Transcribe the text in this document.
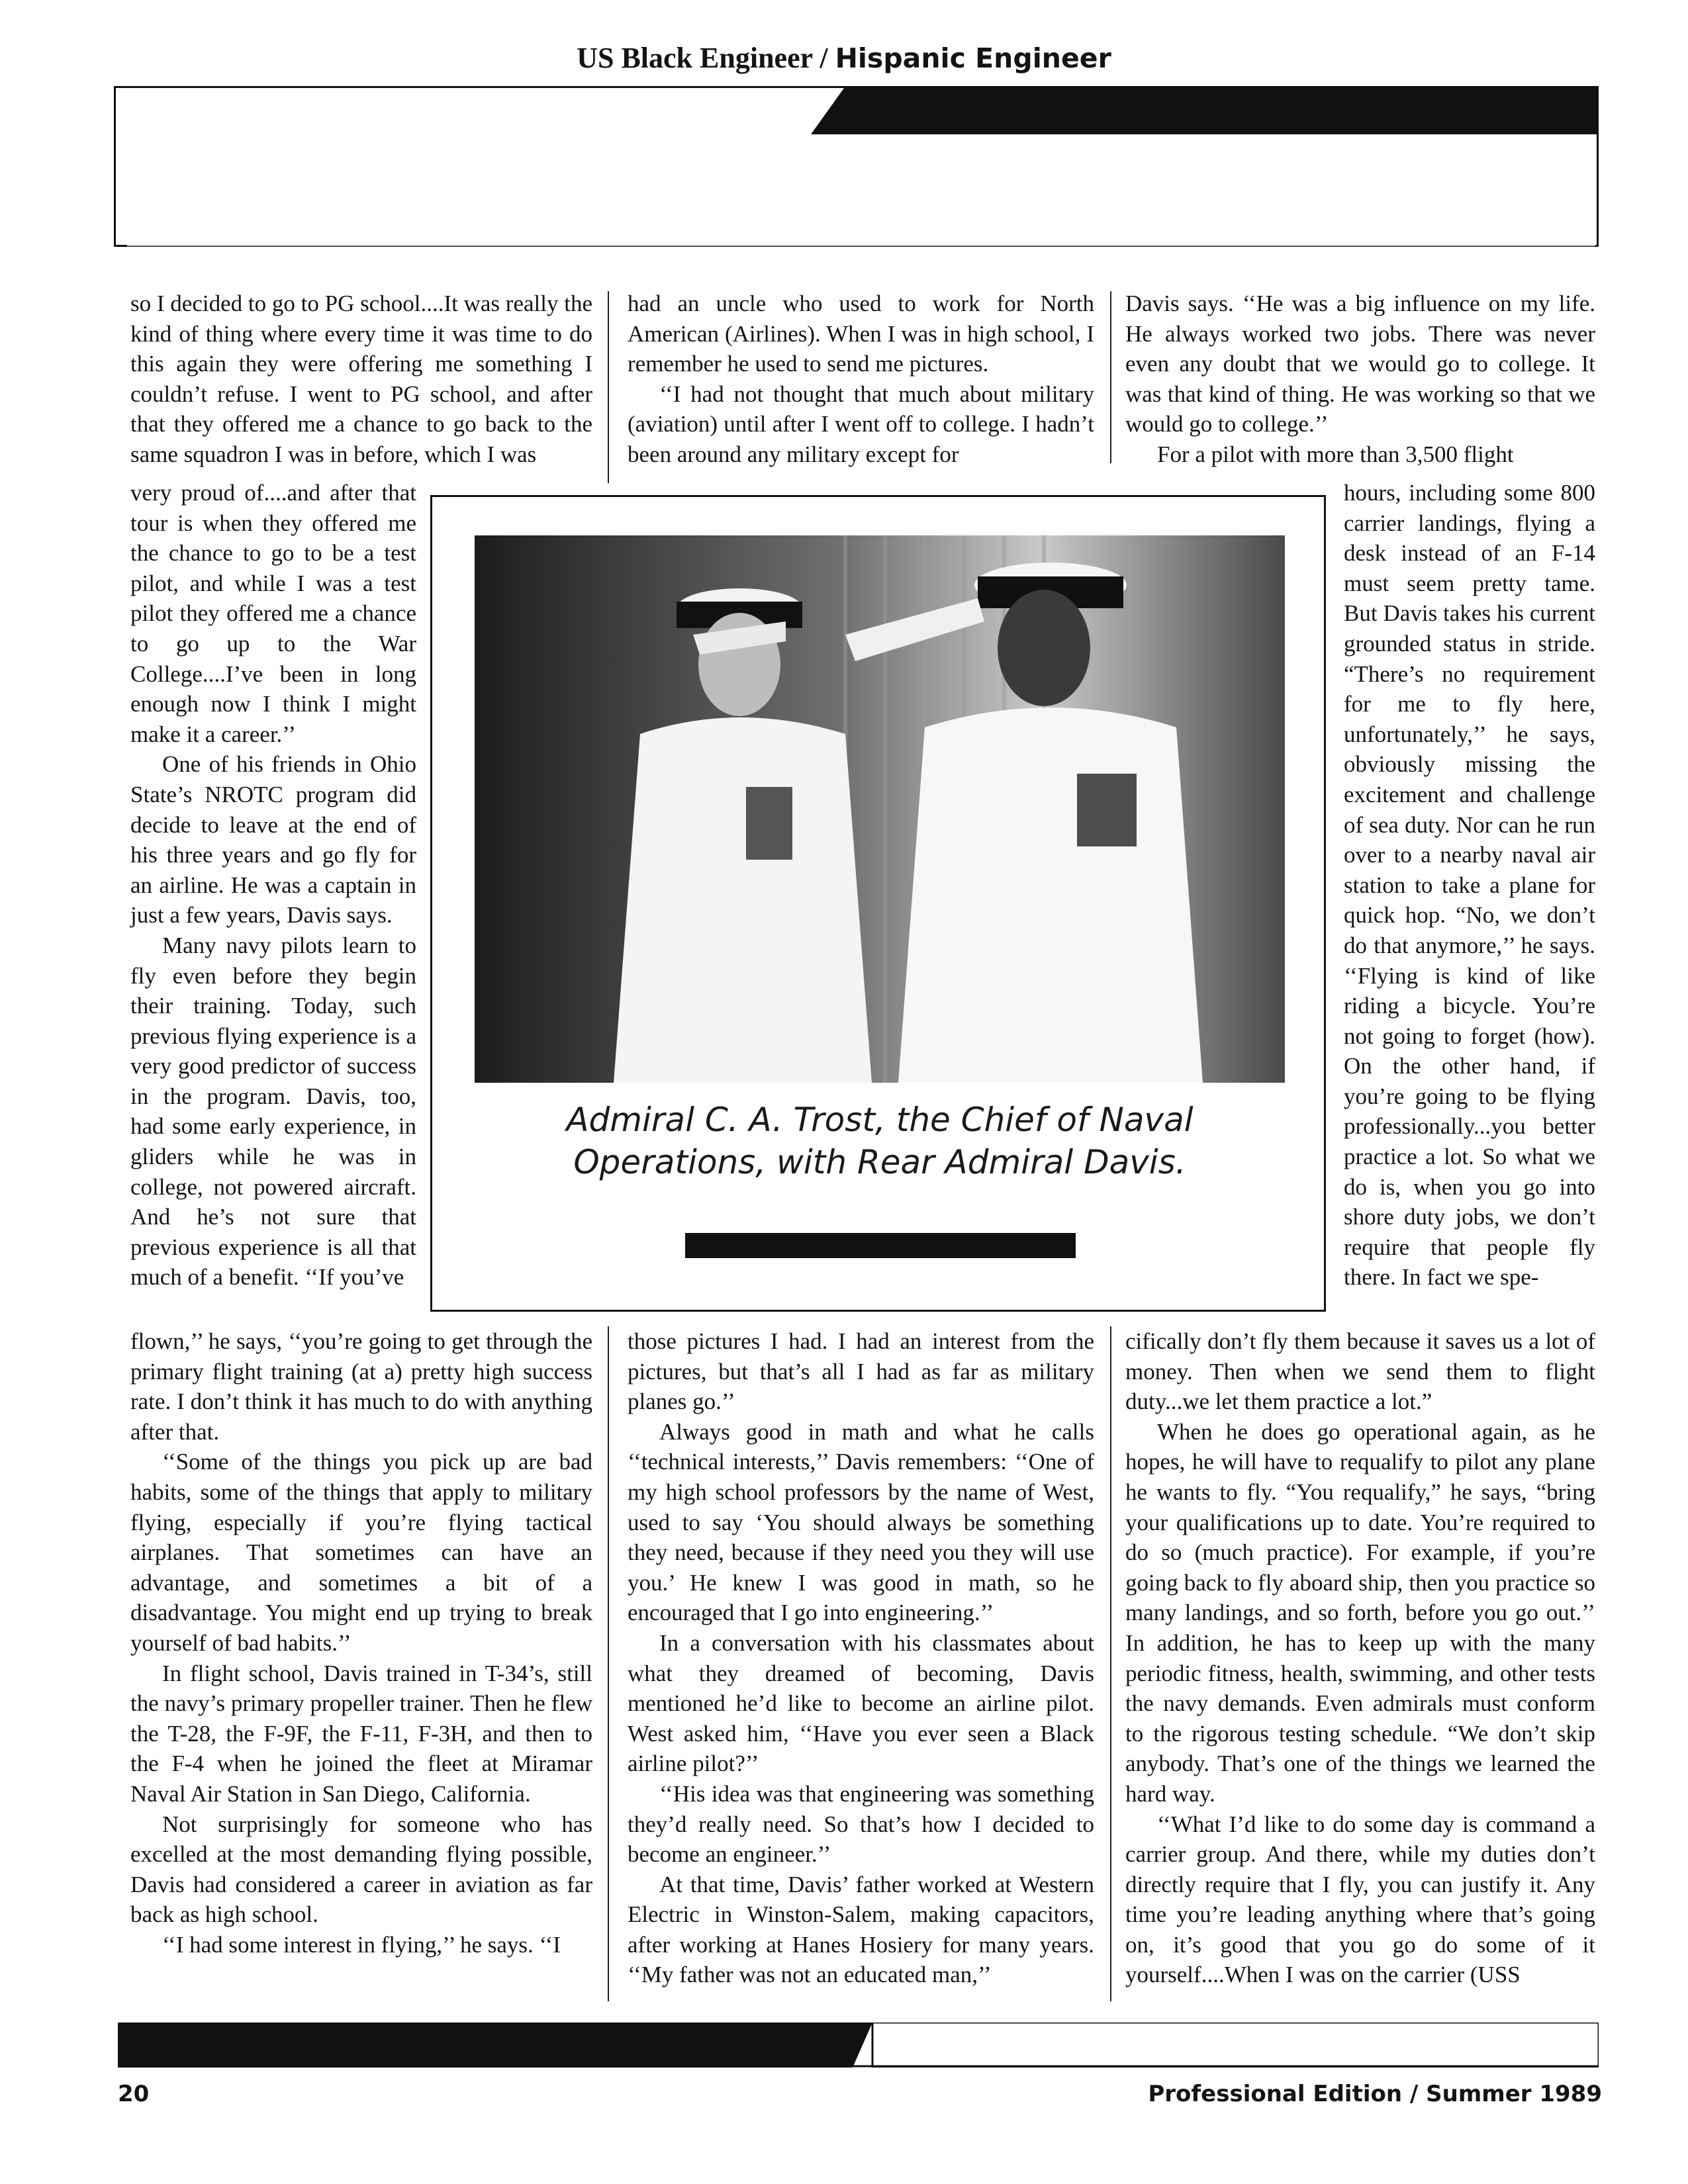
US Black Engineer / Hispanic Engineer

so I decided to go to PG school....It was really the kind of thing where every time it was time to do this again they were offering me something I couldn’t refuse. I went to PG school, and after that they offered me a chance to go back to the same squadron I was in before, which I was

very proud of....and after that tour is when they offered me the chance to go to be a test pilot, and while I was a test pilot they offered me a chance to go up to the War College....I’ve been in long enough now I think I might make it a career.’’

One of his friends in Ohio State’s NROTC program did decide to leave at the end of his three years and go fly for an airline. He was a captain in just a few years, Davis says.

Many navy pilots learn to fly even before they begin their training. Today, such previous flying experience is a very good predictor of success in the program. Davis, too, had some early experience, in gliders while he was in college, not powered aircraft. And he’s not sure that previous experience is all that much of a benefit. ‘‘If you’ve

flown,’’ he says, ‘‘you’re going to get through the primary flight training (at a) pretty high success rate. I don’t think it has much to do with anything after that.

‘‘Some of the things you pick up are bad habits, some of the things that apply to military flying, especially if you’re flying tactical airplanes. That sometimes can have an advantage, and sometimes a bit of a disadvantage. You might end up trying to break yourself of bad habits.’’

In flight school, Davis trained in T-34’s, still the navy’s primary propeller trainer. Then he flew the T-28, the F-9F, the F-11, F-3H, and then to the F-4 when he joined the fleet at Miramar Naval Air Station in San Diego, California.

Not surprisingly for someone who has excelled at the most demanding flying possible, Davis had considered a career in aviation as far back as high school.

‘‘I had some interest in flying,’’ he says. ‘‘I

had an uncle who used to work for North American (Airlines). When I was in high school, I remember he used to send me pictures.

‘‘I had not thought that much about military (aviation) until after I went off to college. I hadn’t been around any military except for

those pictures I had. I had an interest from the pictures, but that’s all I had as far as military planes go.’’

Always good in math and what he calls ‘‘technical interests,’’ Davis remembers: ‘‘One of my high school professors by the name of West, used to say ‘You should always be something they need, because if they need you they will use you.’ He knew I was good in math, so he encouraged that I go into engineering.’’

In a conversation with his classmates about what they dreamed of becoming, Davis mentioned he’d like to become an airline pilot. West asked him, ‘‘Have you ever seen a Black airline pilot?’’

‘‘His idea was that engineering was something they’d really need. So that’s how I decided to become an engineer.’’

At that time, Davis’ father worked at Western Electric in Winston-Salem, making capacitors, after working at Hanes Hosiery for many years. ‘‘My father was not an educated man,’’

Davis says. ‘‘He was a big influence on my life. He always worked two jobs. There was never even any doubt that we would go to college. It was that kind of thing. He was working so that we would go to college.’’

For a pilot with more than 3,500 flight

hours, including some 800 carrier landings, flying a desk instead of an F-14 must seem pretty tame. But Davis takes his current grounded status in stride. “There’s no requirement for me to fly here, unfortunately,’’ he says, obviously missing the excitement and challenge of sea duty. Nor can he run over to a nearby naval air station to take a plane for quick hop. “No, we don’t do that anymore,’’ he says. ‘‘Flying is kind of like riding a bicycle. You’re not going to forget (how). On the other hand, if you’re going to be flying professionally...you better practice a lot. So what we do is, when you go into shore duty jobs, we don’t require that people fly there. In fact we spe-

cifically don’t fly them because it saves us a lot of money. Then when we send them to flight duty...we let them practice a lot.”

When he does go operational again, as he hopes, he will have to requalify to pilot any plane he wants to fly. “You requalify,” he says, “bring your qualifications up to date. You’re required to do so (much practice). For example, if you’re going back to fly aboard ship, then you practice so many landings, and so forth, before you go out.’’ In addition, he has to keep up with the many periodic fitness, health, swimming, and other tests the navy demands. Even admirals must conform to the rigorous testing schedule. “We don’t skip anybody. That’s one of the things we learned the hard way.

‘‘What I’d like to do some day is command a carrier group. And there, while my duties don’t directly require that I fly, you can justify it. Any time you’re leading anything where that’s going on, it’s good that you go do some of it yourself....When I was on the carrier (USS

Admiral C. A. Trost, the Chief of Naval Operations, with Rear Admiral Davis.
20	Professional Edition / Summer 1989
